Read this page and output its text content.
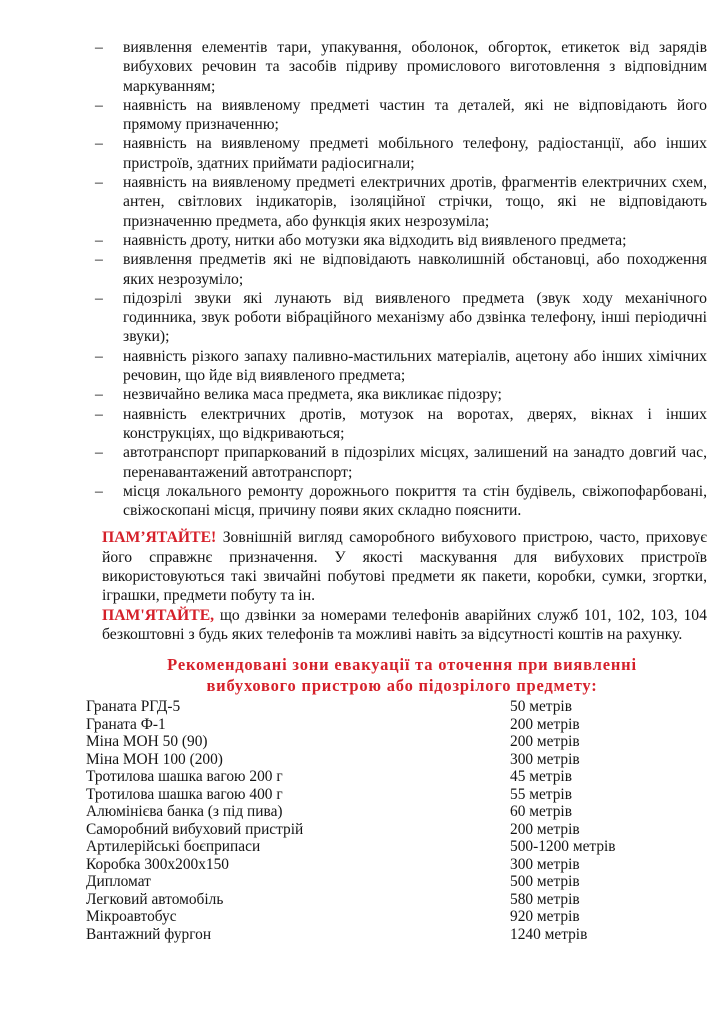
– виявлення елементів тари, упакування, оболонок, обгорток, етикеток від зарядів вибухових речовин та засобів підриву промислового виготовлення з відповідним маркуванням;
– наявність на виявленому предметі частин та деталей, які не відповідають його прямому призначенню;
– наявність на виявленому предметі мобільного телефону, радіостанції, або інших пристроїв, здатних приймати радіосигнали;
– наявність на виявленому предметі електричних дротів, фрагментів електричних схем, антен, світлових індикаторів, ізоляційної стрічки, тощо, які не відповідають призначенню предмета, або функція яких незрозуміла;
– наявність дроту, нитки або мотузки яка відходить від виявленого предмета;
– виявлення предметів які не відповідають навколишній обстановці, або походження яких незрозуміло;
– підозрілі звуки які лунають від виявленого предмета (звук ходу механічного годинника, звук роботи вібраційного механізму або дзвінка телефону, інші періодичні звуки);
– наявність різкого запаху паливно-мастильних матеріалів, ацетону або інших хімічних речовин, що йде від виявленого предмета;
– незвичайно велика маса предмета, яка викликає підозру;
– наявність електричних дротів, мотузок на воротах, дверях, вікнах і інших конструкціях, що відкриваються;
– автотранспорт припаркований в підозрілих місцях, залишений на занадто довгий час, перенавантажений автотранспорт;
– місця локального ремонту дорожнього покриття та стін будівель, свіжопофарбовані, свіжоскопані місця, причину появи яких складно пояснити.

ПАМ’ЯТАЙТЕ! Зовнішній вигляд саморобного вибухового пристрою, часто, приховує його справжнє призначення. У якості маскування для вибухових пристроїв використовуються такі звичайні побутові предмети як пакети, коробки, сумки, згортки, іграшки, предмети побуту та ін.

ПАМ'ЯТАЙТЕ, що дзвінки за номерами телефонів аварійних служб 101, 102, 103, 104 безкоштовні з будь яких телефонів та можливі навіть за відсутності коштів на рахунку.

Рекомендовані зони евакуації та оточення при виявленні
вибухового пристрою або підозрілого предмету:
Граната РГД-5	50 метрів
Граната Ф-1	200 метрів
Міна МОН 50 (90)	200 метрів
Міна МОН 100 (200)	300 метрів
Тротилова шашка вагою 200 г	45 метрів
Тротилова шашка вагою 400 г	55 метрів
Алюмінієва банка (з під пива)	60 метрів
Саморобний вибуховий пристрій	200 метрів
Артилерійські боєприпаси	500-1200 метрів
Коробка 300x200x150	300 метрів
Дипломат	500 метрів
Легковий автомобіль	580 метрів
Мікроавтобус	920 метрів
Вантажний фургон	1240 метрів
